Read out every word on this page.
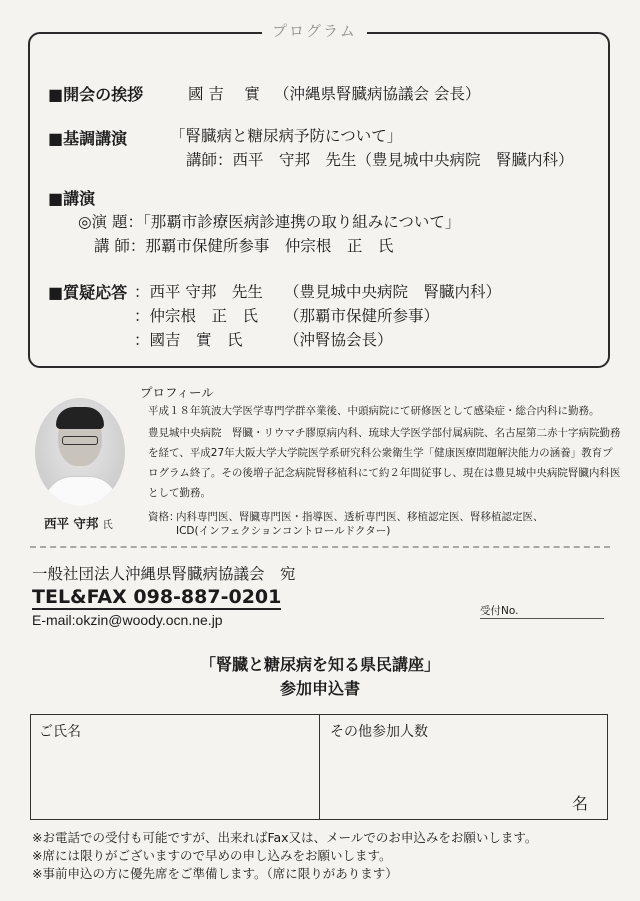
プログラム
■開会の挨拶	國 吉　 實 （沖縄県腎臓病協議会 会長）
■基調講演	「腎臓病と糖尿病予防について」
講師：西平　守邦　先生（豊見城中央病院　腎臓内科）
■講演
◎演 題：「那覇市診療医病診連携の取り組みについて」
講 師：那覇市保健所参事　仲宗根　正　氏
■質疑応答 ：西平 守邦　先生 （豊見城中央病院　腎臓内科）
：仲宗根　正　氏 （那覇市保健所参事）
：國吉　實　氏	（沖腎協会長）
プロフィール
平成１８年筑波大学医学専門学群卒業後、中頭病院にて研修医として感染症・総合内科に勤務。
豊見城中央病院　腎臓・リウマチ膠原病内科、琉球大学医学部付属病院、名古屋第二赤十字病院勤務
を経て、平成27年大阪大学大学院医学系研究科公衆衛生学「健康医療問題解決能力の涵養」教育プ
ログラム終了。その後増子記念病院腎移植科にて約２年間従事し、現在は豊見城中央病院腎臓内科医
として勤務。
西平 守邦 氏
資格：
内科専門医、腎臓専門医・指導医、透析専門医、移植認定医、腎移植認定医、
ICD(インフェクションコントロールドクター)
一般社団法人沖縄県腎臓病協議会　宛
TEL&FAX 098-887-0201
E-mail:okzin@woody.ocn.ne.jp
受付No.
「腎臓と糖尿病を知る県民講座」
参加申込書
ご氏名	その他参加人数
名
※お電話での受付も可能ですが、出来ればFax又は、メールでのお申込みをお願いします。
※席には限りがございますので早めの申し込みをお願いします。
※事前申込の方に優先席をご準備します。（席に限りがあります）
